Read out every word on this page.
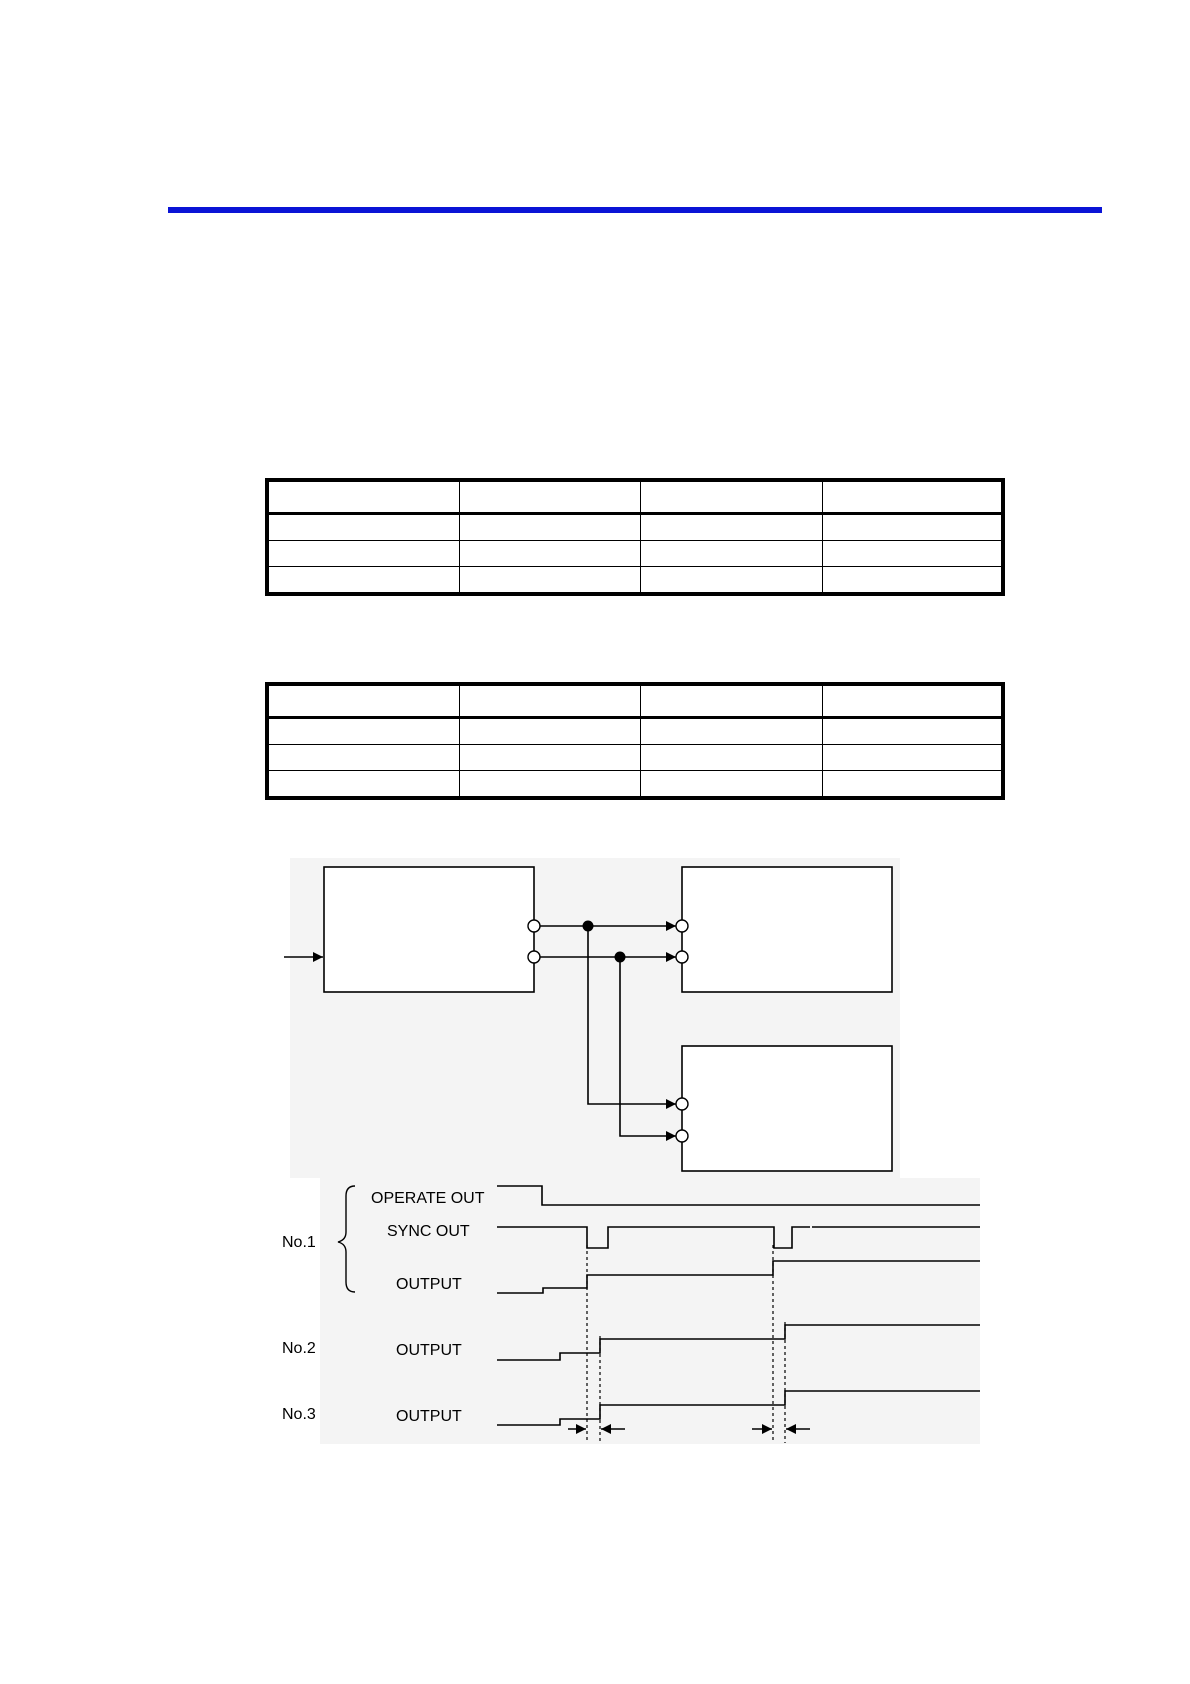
No.1
No.2
No.3
OPERATE OUT
SYNC OUT
OUTPUT
OUTPUT
OUTPUT
